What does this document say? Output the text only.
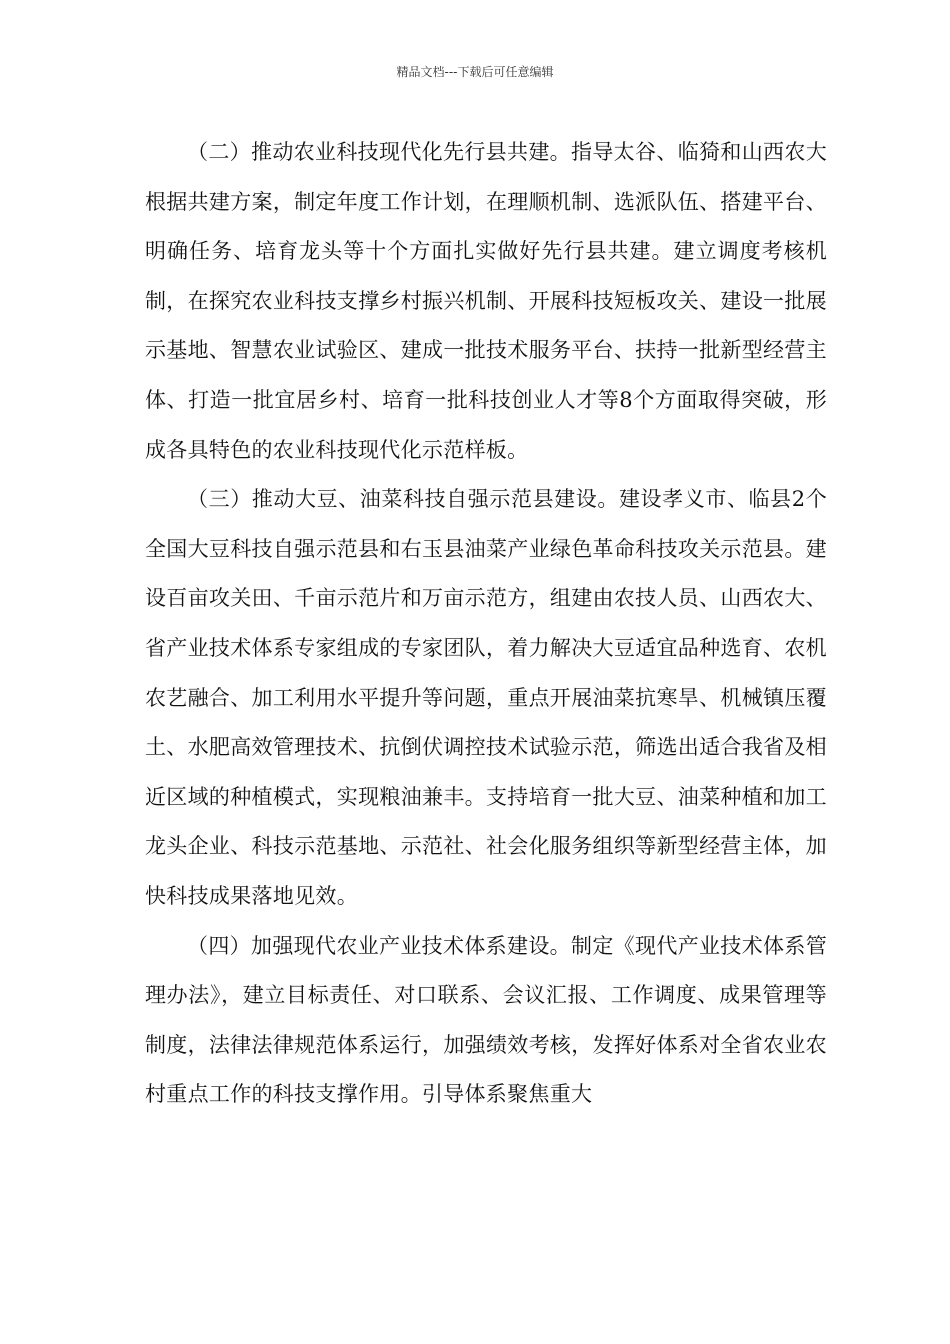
精品文档---下载后可任意编辑

（二）推动农业科技现代化先行县共建。指导太谷、临猗和山西农大根据共建方案，制定年度工作计划，在理顺机制、选派队伍、搭建平台、明确任务、培育龙头等十个方面扎实做好先行县共建。建立调度考核机制，在探究农业科技支撑乡村振兴机制、开展科技短板攻关、建设一批展示基地、智慧农业试验区、建成一批技术服务平台、扶持一批新型经营主体、打造一批宜居乡村、培育一批科技创业人才等8个方面取得突破，形成各具特色的农业科技现代化示范样板。

（三）推动大豆、油菜科技自强示范县建设。建设孝义市、临县2个全国大豆科技自强示范县和右玉县油菜产业绿色革命科技攻关示范县。建设百亩攻关田、千亩示范片和万亩示范方，组建由农技人员、山西农大、省产业技术体系专家组成的专家团队，着力解决大豆适宜品种选育、农机农艺融合、加工利用水平提升等问题，重点开展油菜抗寒旱、机械镇压覆土、水肥高效管理技术、抗倒伏调控技术试验示范，筛选出适合我省及相近区域的种植模式，实现粮油兼丰。支持培育一批大豆、油菜种植和加工龙头企业、科技示范基地、示范社、社会化服务组织等新型经营主体，加快科技成果落地见效。

（四）加强现代农业产业技术体系建设。制定《现代产业技术体系管理办法》，建立目标责任、对口联系、会议汇报、工作调度、成果管理等制度，法律法律规范体系运行，加强绩效考核，发挥好体系对全省农业农村重点工作的科技支撑作用。引导体系聚焦重大
